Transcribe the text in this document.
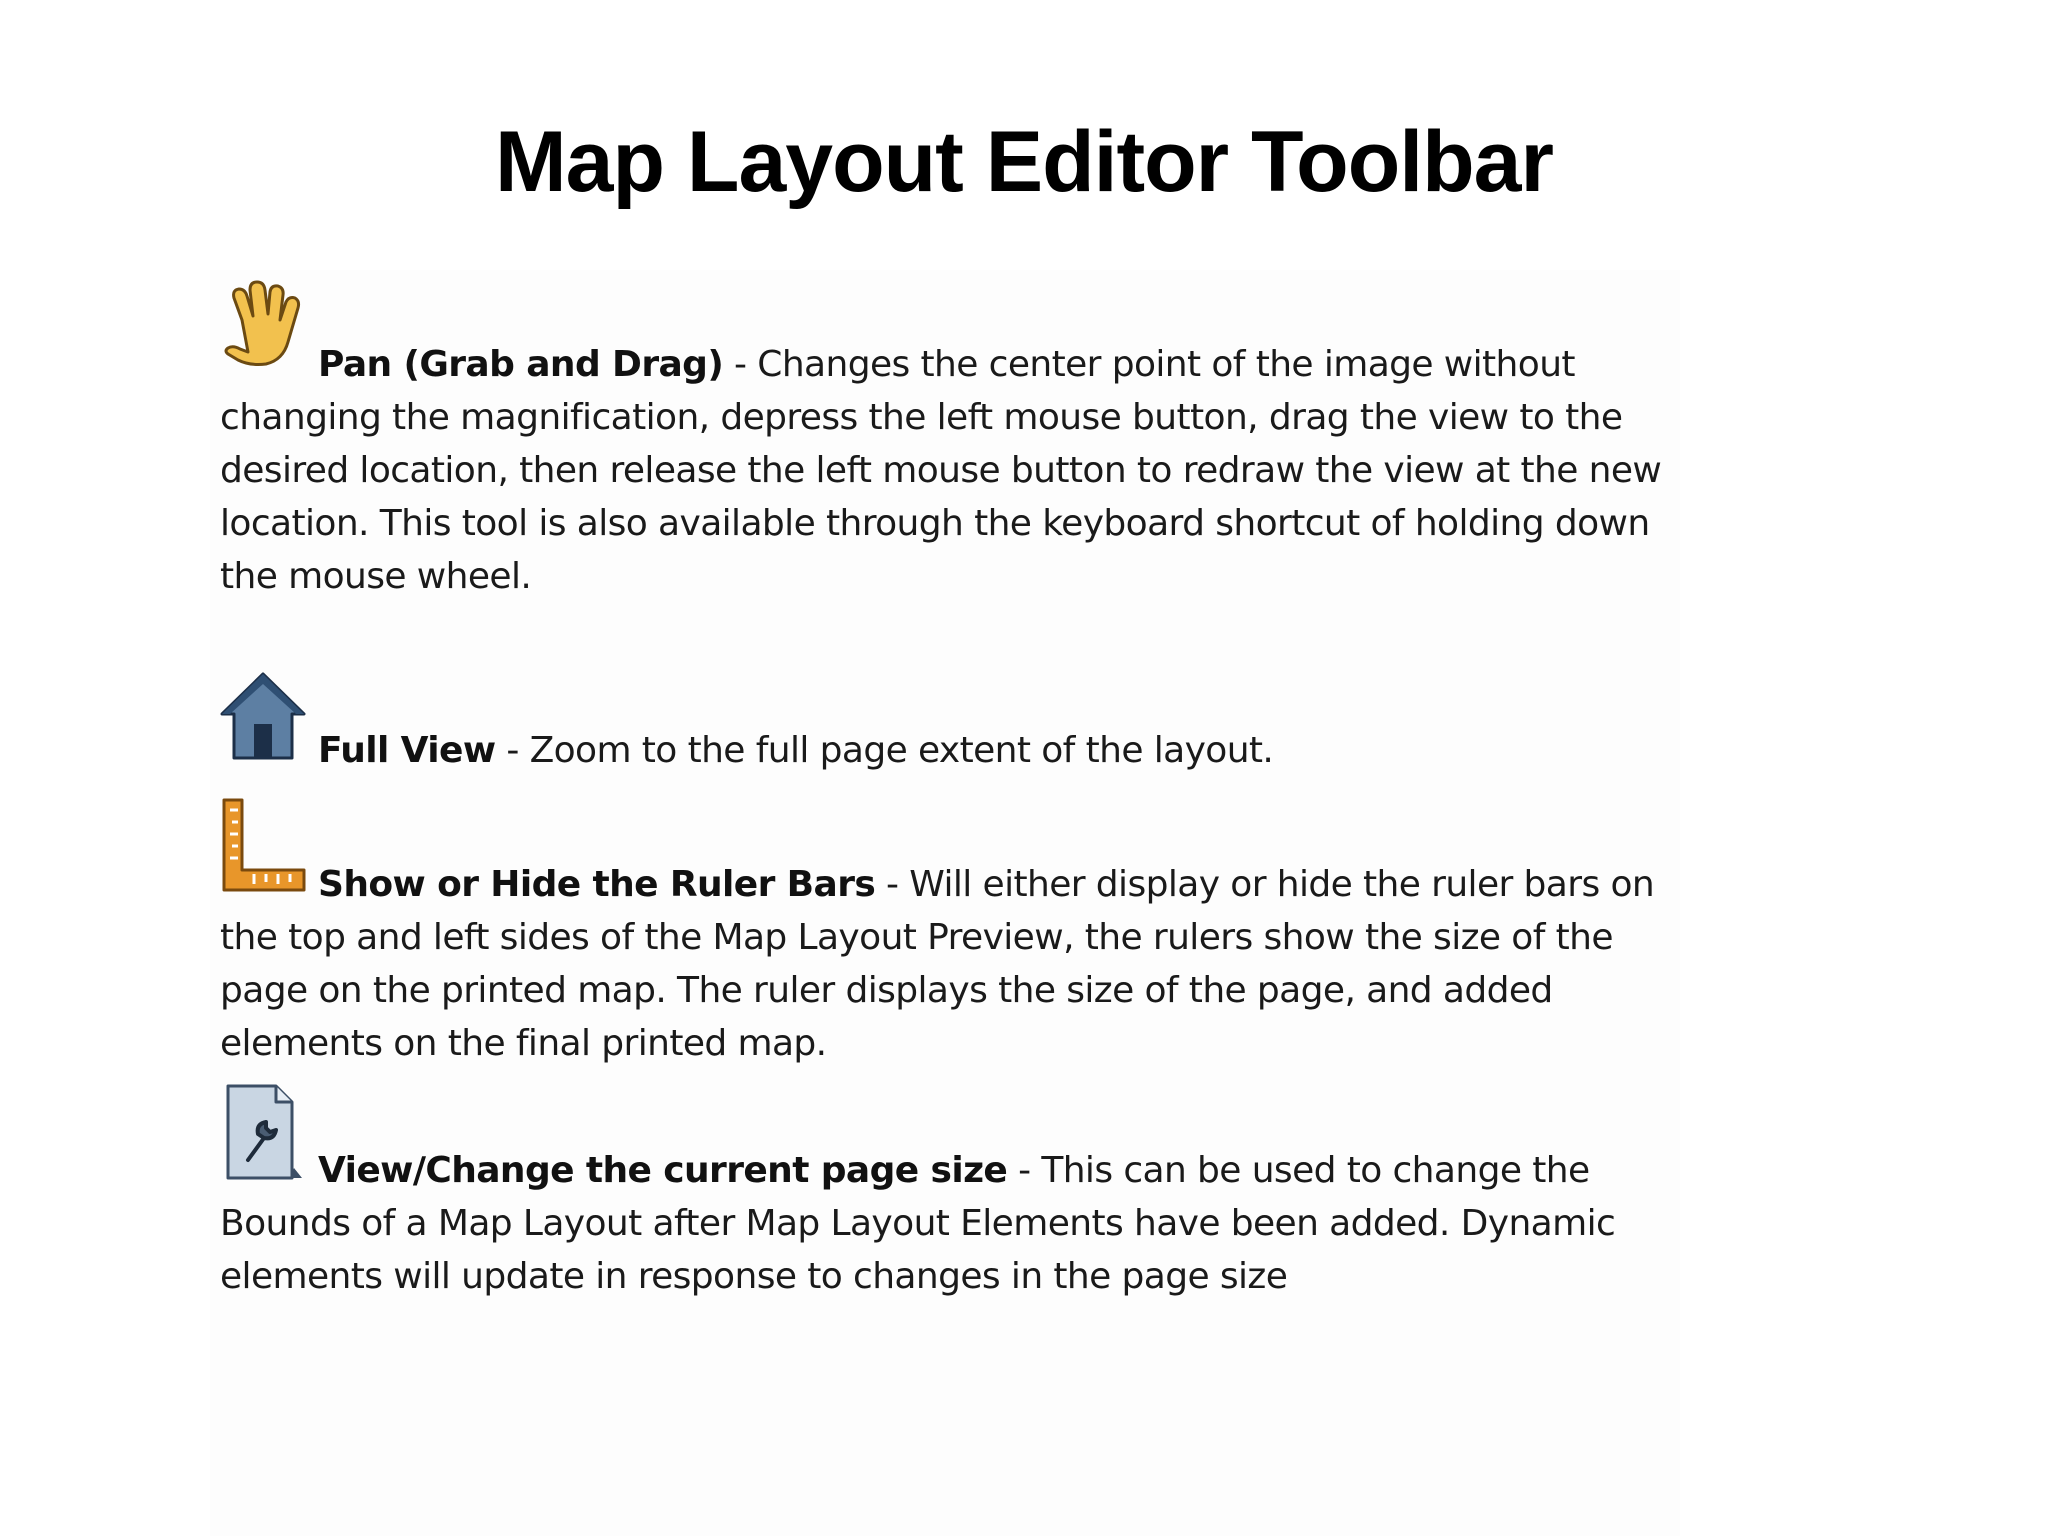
Map Layout Editor Toolbar
Pan (Grab and Drag) - Changes the center point of the image without changing the magnification, depress the left mouse button, drag the view to the desired location, then release the left mouse button to redraw the view at the new location. This tool is also available through the keyboard shortcut of holding down the mouse wheel.
Full View - Zoom to the full page extent of the layout.
Show or Hide the Ruler Bars - Will either display or hide the ruler bars on the top and left sides of the Map Layout Preview, the rulers show the size of the page on the printed map. The ruler displays the size of the page, and added elements on the final printed map.
View/Change the current page size - This can be used to change the Bounds of a Map Layout after Map Layout Elements have been added. Dynamic elements will update in response to changes in the page size
